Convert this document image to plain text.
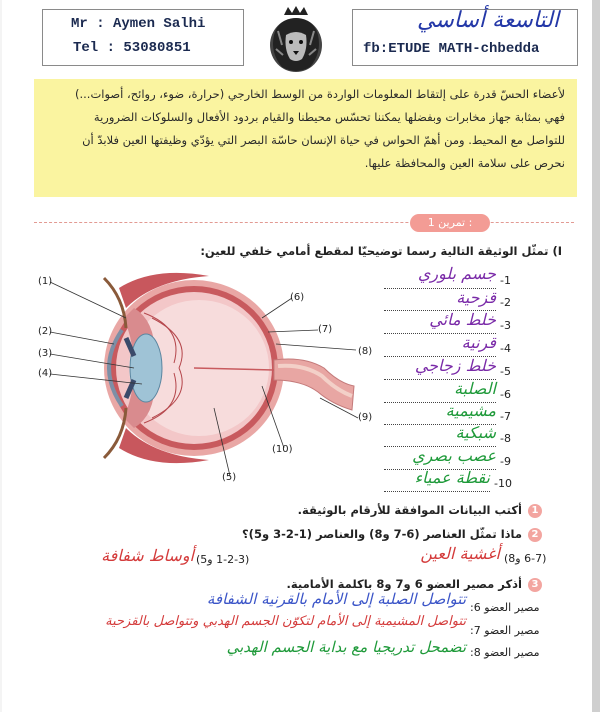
Mr : Aymen Salhi
Tel : 53080851
التاسعة أساسي
fb:ETUDE MATH-chbedda

لأعضاء الحسّ قدرة على إلتقاط المعلومات الواردة من الوسط الخارجي (حرارة، ضوء، روائح، أصوات...)

فهي بمثابة جهاز مخابرات وبفضلها يمكننا تحسّس محيطنا والقيام بردود الأفعال والسلوكات الضرورية

للتواصل مع المحيط. ومن أهمّ الحواس في حياة الإنسان حاسّة البصر التي يؤدّي وظيفتها العين فلابدّ أن

نحرص على سلامة العين والمحافظة عليها.

تمرين 1 :
I) تمثّل الوثيقة التالية رسما توضيحيّا لمقطع أمامي خلفي للعين:
(1)
(2)
(3)
(4)
(5)
(6)
(7)
(8)
(9)
(10)
-1
جسم بلوري
-2
قزحية
-3
خلط مائي
-4
قرنية
-5
خلط زجاجي
-6
الصلبة
-7
مشيمية
-8
شبكية
-9
عصب بصري
-10
نقطة عمياء
1
أكتب البيانات الموافقة للأرقام بالوثيقة.
2
ماذا تمثّل العناصر (6-7 و8) والعناصر (1-2-3 و5)؟
(6-7 و8)
أغشية العين
(1-2-3 و5)
أوساط شفافة
3
أذكر مصير العضو 6 و7 و8 باكلمة الأمامية.
مصير العضو 6:
تتواصل الصلبة إلى الأمام بالقرنية الشفافة
مصير العضو 7:
تتواصل المشيمية إلى الأمام لتكوّن الجسم الهدبي وتتواصل بالقزحية
مصير العضو 8:
تضمحل تدريجيا مع بداية الجسم الهدبي
